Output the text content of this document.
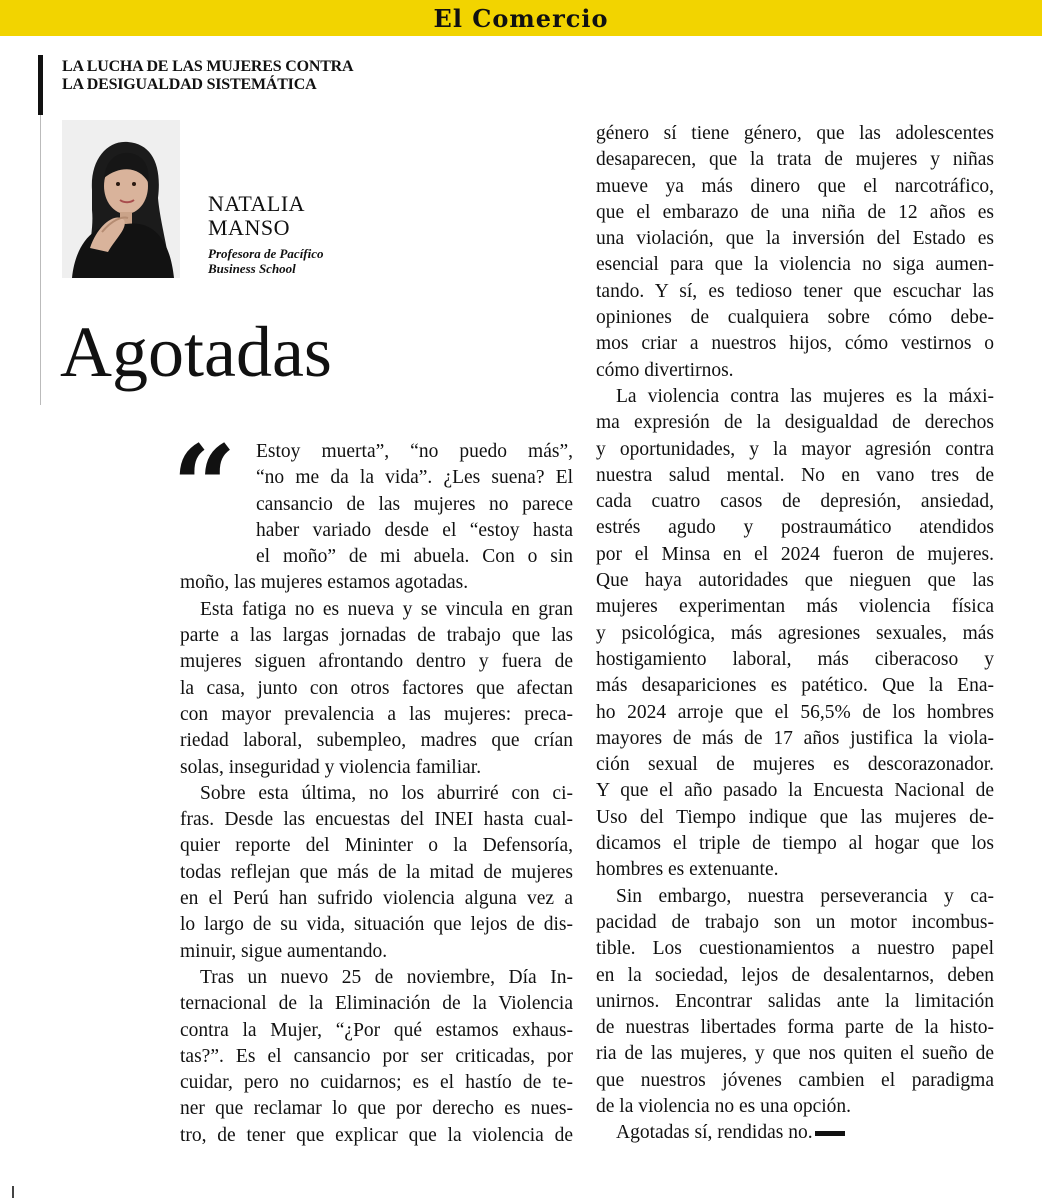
El Comercio
LA LUCHA DE LAS MUJERES CONTRA
LA DESIGUALDAD SISTEMÁTICA
NATALIA
MANSO
Profesora de Pacífico
Business School
Agotadas
“ Estoy muerta”, “no puedo más”,
“no me da la vida”. ¿Les suena? El
cansancio de las mujeres no parece
haber variado desde el “estoy hasta
el moño” de mi abuela. Con o sin
moño, las mujeres estamos agotadas.
Esta fatiga no es nueva y se vincula en gran
parte a las largas jornadas de trabajo que las
mujeres siguen afrontando dentro y fuera de
la casa, junto con otros factores que afectan
con mayor prevalencia a las mujeres: preca-
riedad laboral, subempleo, madres que crían
solas, inseguridad y violencia familiar.
Sobre esta última, no los aburriré con ci-
fras. Desde las encuestas del INEI hasta cual-
quier reporte del Mininter o la Defensoría,
todas reflejan que más de la mitad de mujeres
en el Perú han sufrido violencia alguna vez a
lo largo de su vida, situación que lejos de dis-
minuir, sigue aumentando.
Tras un nuevo 25 de noviembre, Día In-
ternacional de la Eliminación de la Violencia
contra la Mujer, “¿Por qué estamos exhaus-
tas?”. Es el cansancio por ser criticadas, por
cuidar, pero no cuidarnos; es el hastío de te-
ner que reclamar lo que por derecho es nues-
tro, de tener que explicar que la violencia de
género sí tiene género, que las adolescentes
desaparecen, que la trata de mujeres y niñas
mueve ya más dinero que el narcotráfico,
que el embarazo de una niña de 12 años es
una violación, que la inversión del Estado es
esencial para que la violencia no siga aumen-
tando. Y sí, es tedioso tener que escuchar las
opiniones de cualquiera sobre cómo debe-
mos criar a nuestros hijos, cómo vestirnos o
cómo divertirnos.
La violencia contra las mujeres es la máxi-
ma expresión de la desigualdad de derechos
y oportunidades, y la mayor agresión contra
nuestra salud mental. No en vano tres de
cada cuatro casos de depresión, ansiedad,
estrés agudo y postraumático atendidos
por el Minsa en el 2024 fueron de mujeres.
Que haya autoridades que nieguen que las
mujeres experimentan más violencia física
y psicológica, más agresiones sexuales, más
hostigamiento laboral, más ciberacoso y
más desapariciones es patético. Que la Ena-
ho 2024 arroje que el 56,5% de los hombres
mayores de más de 17 años justifica la viola-
ción sexual de mujeres es descorazonador.
Y que el año pasado la Encuesta Nacional de
Uso del Tiempo indique que las mujeres de-
dicamos el triple de tiempo al hogar que los
hombres es extenuante.
Sin embargo, nuestra perseverancia y ca-
pacidad de trabajo son un motor incombus-
tible. Los cuestionamientos a nuestro papel
en la sociedad, lejos de desalentarnos, deben
unirnos. Encontrar salidas ante la limitación
de nuestras libertades forma parte de la histo-
ria de las mujeres, y que nos quiten el sueño de
que nuestros jóvenes cambien el paradigma
de la violencia no es una opción.
Agotadas sí, rendidas no.
